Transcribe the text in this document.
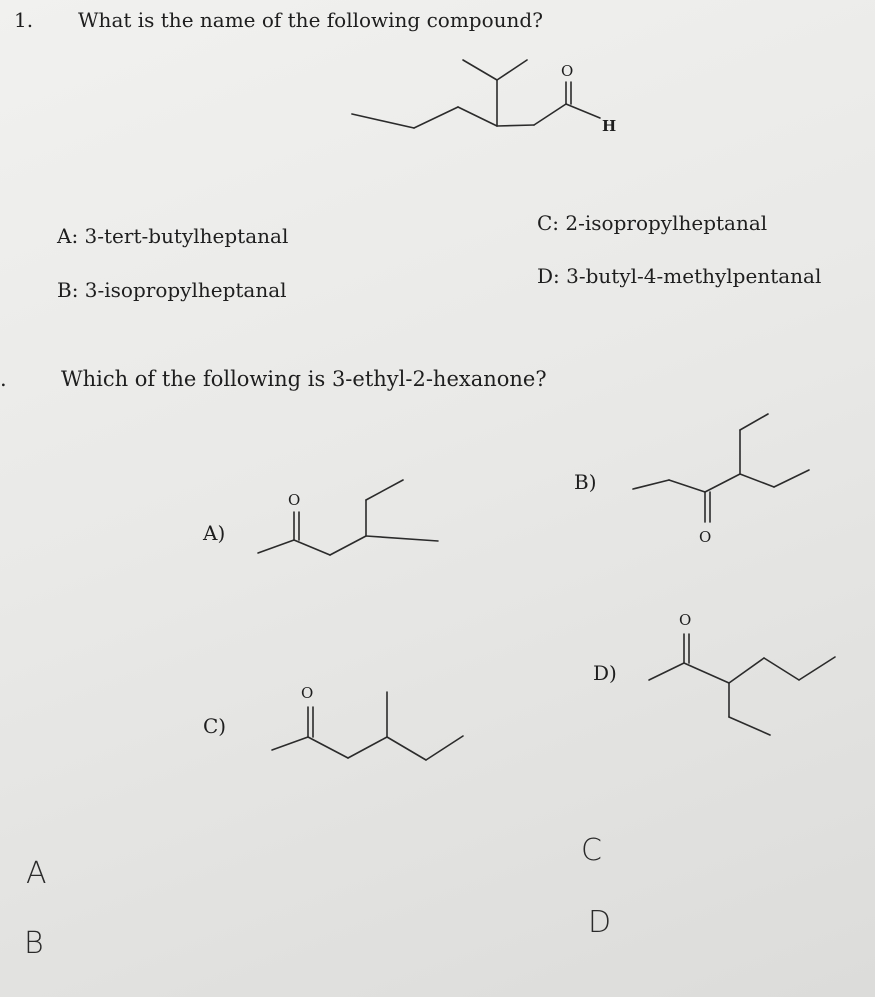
1. What is the name of the following compound?
A: 3-tert-butylheptanal
B: 3-isopropylheptanal
C: 2-isopropylheptanal
D: 3-butyl-4-methylpentanal
.	Which of the following is 3-ethyl-2-hexanone?
A)
B)
C)
D)
O
H
O
O
O
O
A
B
C
D
